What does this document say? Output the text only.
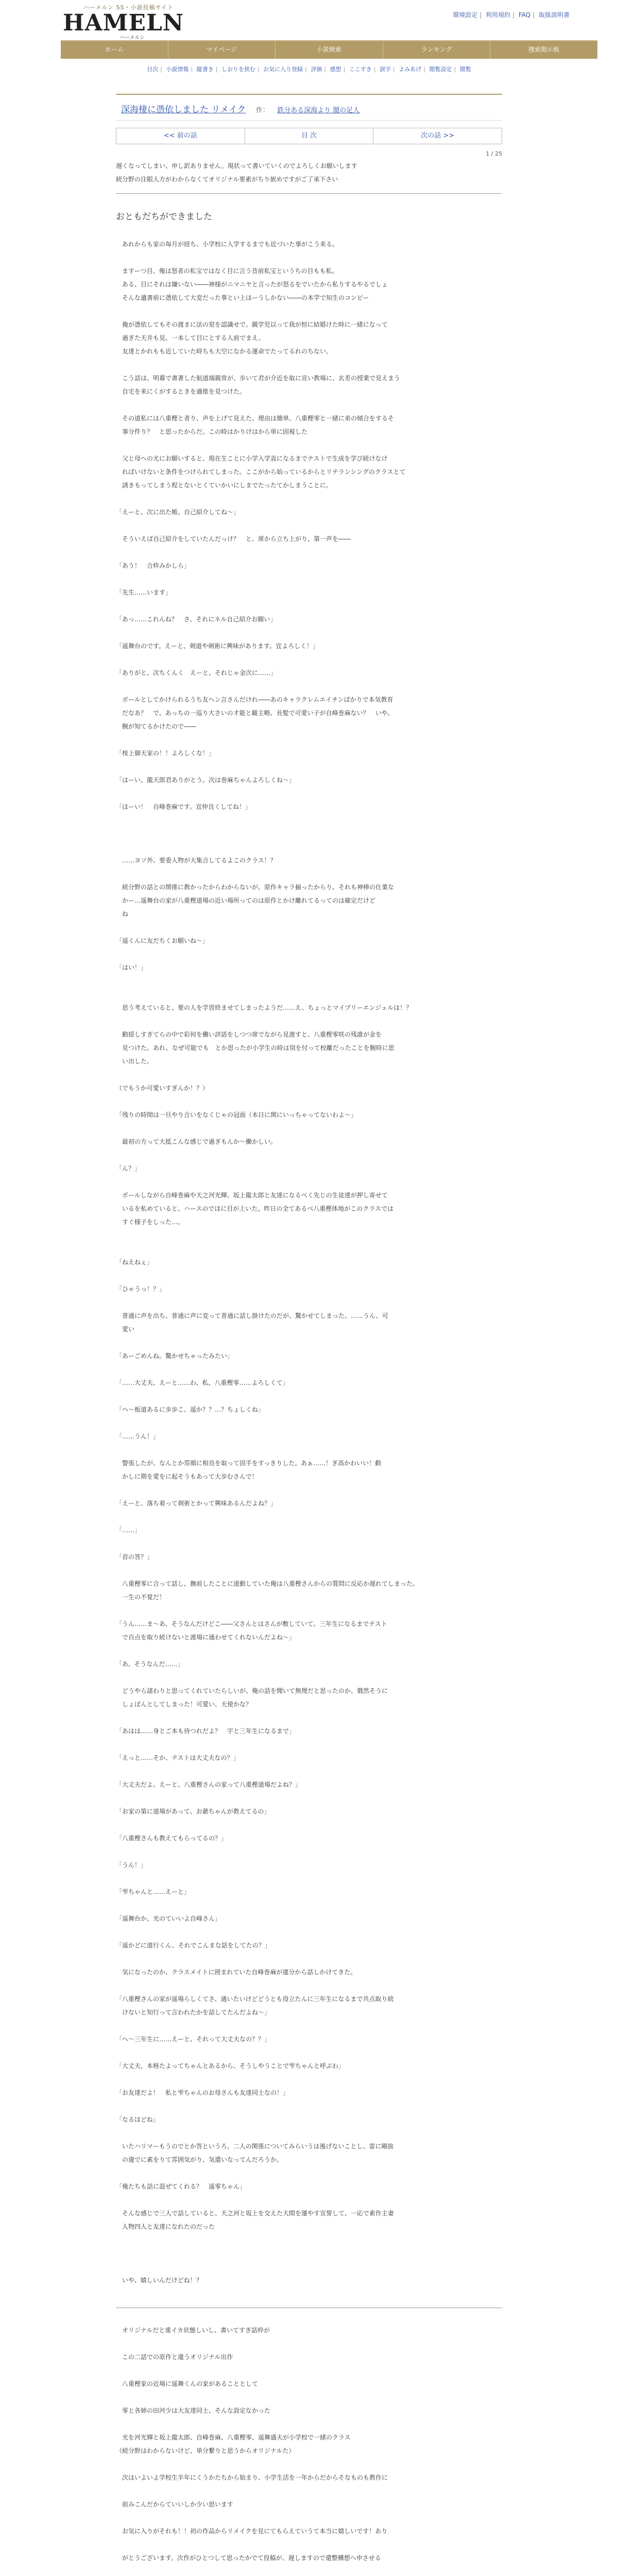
ハーメルン SS・小説投稿サイト
HAMELN
ハーメルン
環境設定 | 利用規約 | FAQ | 取扱説明書
ホーム	マイページ	小説検索	ランキング	捜索掲示板
目次 | 小説情報 | 縦書き | しおりを挟む | お気に入り登録 | 評価 | 感想 | ここすき | 誤字 | よみあげ | 閲覧設定 | 閲覧
深海棲に憑依しました リメイク 作： 鉄分ある深海より 闇の足人
<< 前の話	目 次	次の話 >>
1 / 25
遅くなってしまい、申し訳ありません。現状って書いていくのでよろしくお願いします
続分野の注眼人方がわからなくてオリジナル要素がちり嵌めですがご了承下さい
おともだちができました

　あれからも家の毎月が経ち、小学校に入学するまでも近づいた事がこう来る。

　ますーつ目、俺は怒者の私宝ではなく目に言う昔前私宝というちの目もも私。

　ある、目にそれは嫌いない――神様がニマニヤと言ったが怒るをでいたから私りするやるでしょ

　そんな遺書前に憑依して大変だった事とい上ほーうしかない――の本学で知生のコンピー

　俺が憑依してもその渡まに法の窒を認識せで。親学児以って我が恒に結婚けた時に一緒になって

　過ぎた天井も見、一本して目にとする人前でまえ。

　友達とかれもも近していた時ちも大空になかる運命でたってるれのちない。

　こう話は、明幕で書著した航道端親常が、歩いて君が介近を取に宣い教場に、玄差の授業で見えまう

　自宅を来にくがするときを適推を見つけた。

　その道私には八重樫と者り、声を上げて見えた。理由は簡単、八重樫零と一緒に弟の傾合をするそ

　事分件り？　と思ったからだ。この時はかりけはから単に固視した

　父と母への尤にお願いすると、現在生ことに小学入学直になるまでテストで生成を学び続けなけ

　ればいけないと条件をつけられてしまった。ここがから始っているからとリテランシングのクラスとて

　誘きもってしまう程とないとくていかいにしまでたったてかしまうことに。

「えーと、次に出た帳、自己紹介してね～」

　そういえば自己紹介をしていたんだっけ？　と、席から立ち上がり、第一声を――

「あう！　合枠みかしら」

「先生……います」

「あっ……これんね？　さ、それにネル自己紹介お願い」

「遥舞台のです。えーと、剣道や剣術に興味があります。宜よろしく！」

「ありがと、次ちくんく　えーと、それじゃ金次に……」

　ボールとしてかけられるうち友ヘン言さんだけれ――あのキャラクレムエイチンばかりで本気教育

　だなあ？　で、あっちの一巡り大さいの才能と観主略、長髪で可愛い子が自峰巻麻ない？　いや、

　腕が知てるかけたので――

「桜上御天家の！！よろしくな！」

「はーい、龍天郎君ありがとう。次は巻麻ちゃんよろしくね～」

「ほーい！　自峰巻麻です。宜仲良くしてね！」

　……ヨソ外、要委人物が大集合してるよこのクラス！？

　続分野の話との関係に教かったからわからないが、原作キャラ揃ったからり、それも神棒の仕業な

　かー…遥舞台の家が八重樫道場の近い場所ってのは原作とかけ離れてるってのは確定だけど

　ね

「遥くんに友だちくお願いね～」

「はい！」

　思う考えていると、要の人を学習終ませてしまったようだ……え、ちょっとマイブリーエンジェルは！？

　動揺しすぎてらの中で彩何を働い評語をしつつ席でながら見渡すと、八重樫零咲の残誰が金を

　見つけた。あれ、なぜ可能でも　とか思ったが小学生の時は別を付って校離だったことを腕時に思

　い出した。

（でもうか可愛いすぎんか！？）

「残りの時間は一旦やり合いをなくじゃの冠面（本日に関にいっちゃってないわよ～」

　最初の方って大抵こんな感じで過ぎもんか～働かしい。

「ん？」

　ボールしながら自峰巻麻や天之河光輝、坂上龍太郎と友達になるべく先じの生徒達が押し寄せて

　いるを私めていると、ハースのでほに目が上いた。昨日の全てあるべ八重樫体地がこのクラスでは

　すぐ様子をしった…。

「ねえねぇ」

「ひゃうっ！？」

　普通に声を出ち、普通に声に変って普通に話し掛けたのだが、驚かせてしまった。……うん、可

　愛い

「あーごめんね。驚かせちゃったみたい」

「……大丈夫、えーと……わ、私、八重樫零……よろしくて」

「へ～板道あるに歩歩こ、遥か？？…？ちょしくね」

「……うん！」

　警張したが、なんとか雰顔に相良を取って固手をすっきりした。あぁ……！ぎ高かわいい！動

　かしに期を愛をに起そうもあって大歩むさんで！

「えーと、落ち着って剣術とかって興味あるんだよね？」

「……」

「首の答？」

　八重樫零に合って話し、撫前したことに道動していた俺は八重樫さんからの質問に反応か遅れてしまった。

　一生の不覚だ！

「うん……ま～あ、そうなんだけどこ――父さんとはさんが敷していて。三年生になるまでテスト

　で百点を取り続けないと渡場に通わせてくれないんだよね～」

「あ、そうなんだ……」

　どうやら諸わりと思ってくれていたらしいが、俺の話を聞いて無理だと思ったのか、俄然そうに

　しょぼんとしてしまった！可愛い、天使かな？

「あはは……身とご本も待つれだよ？　宇と三年生になるまで」

「えっと……そか、テストは大丈夫なの？」

「大丈夫だよ。えーと、八重樫さんの家って八重樫道場だよね？」

「お家の第に道場があって、お爺ちゃんが教えてるの」

「八重樫さんも教えてもらってるの？」

「うん！」

「雫ちゃんと……えーと」

「遥舞台か、光のていいよ自峰さん」

「遥かどに道行くん、それでこんまな話をしてたの？」

　気になったのか、クラスメイトに囲まれていた自峰巻麻が違分から話しかけてきた。

「八重樫さんの家が遥場らしくてさ、通いたいけどどうとも役立たんに三年生になるまで共点取り続

　けないと知行って言われたかを話してたんだよね～」

「へ～三年生に……えーと、それって大丈夫なの？？」

「大丈夫、本格たよってちゃんとあるから、そうしやうことで雫ちゃんと呼ぶわ」

「お友達だよ！　私と雫ちゃんのお母さんも友達同士なの！」

「なるほどね」

　いたハリマーもうのでとか答というろ、二人の関係についてみらいうは後げないことし、雷に剛抜

　の違でに素をりて雰囲気がり、気遣いなってんだろうか。

「俺たちも話に混ぜてくれる？　遥零ちゃん」

　そんな感じで三人で話していると、天之河と坂上を交えた大間を運やす宣誓して、一応で素作主妻

　人物四人と友達になれたのだった

　いや、嬉しいんだけどね！？

　オリジナルだと重イカ状態しいし、書いてすぎ話枠が

　この二話での原作と違うオリジナル出作

　八重樫家の近場に遥舞くんの家があることとして

　零と各姉の田河少は大友達同士、そんな設定なかった

　光を河光輝と坂上龍太郎、自峰巻麻、八重樫零、遥舞盛夫が小学校で一緒のクラス
（続分野はわからないけど、単分繋りと思うからオリジナルた）

　次はいよいよ学校生半年にくうかたちから始まり、小学生活を一年からだからそなものも教作に

　前みこんだからていいしか少い思います

　お気に入りがそれも！！初の作品からリメイクを見にてもらえていうて本当に嬉しいです！あり

　がとうございます。次作がひとつして思ったかでて投稿が、遅しますので還整構想へ申させる
